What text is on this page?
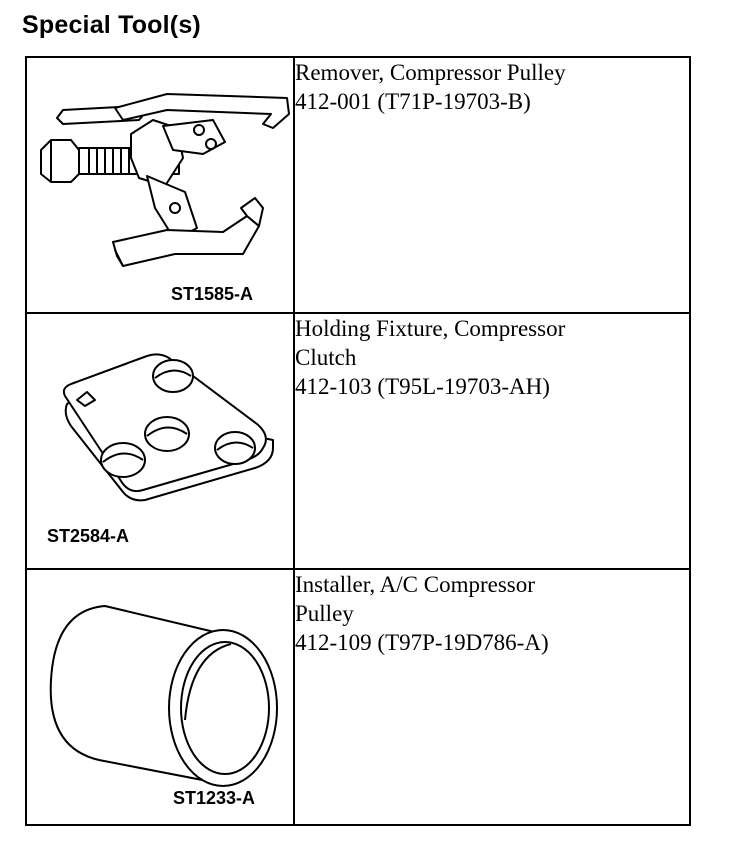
Special Tool(s)
ST1585-A	Remover, Compressor Pulley
412-001 (T71P-19703-B)

ST2584-A	Holding Fixture, Compressor
Clutch
412-103 (T95L-19703-AH)

ST1233-A	Installer, A/C Compressor
Pulley
412-109 (T97P-19D786-A)
